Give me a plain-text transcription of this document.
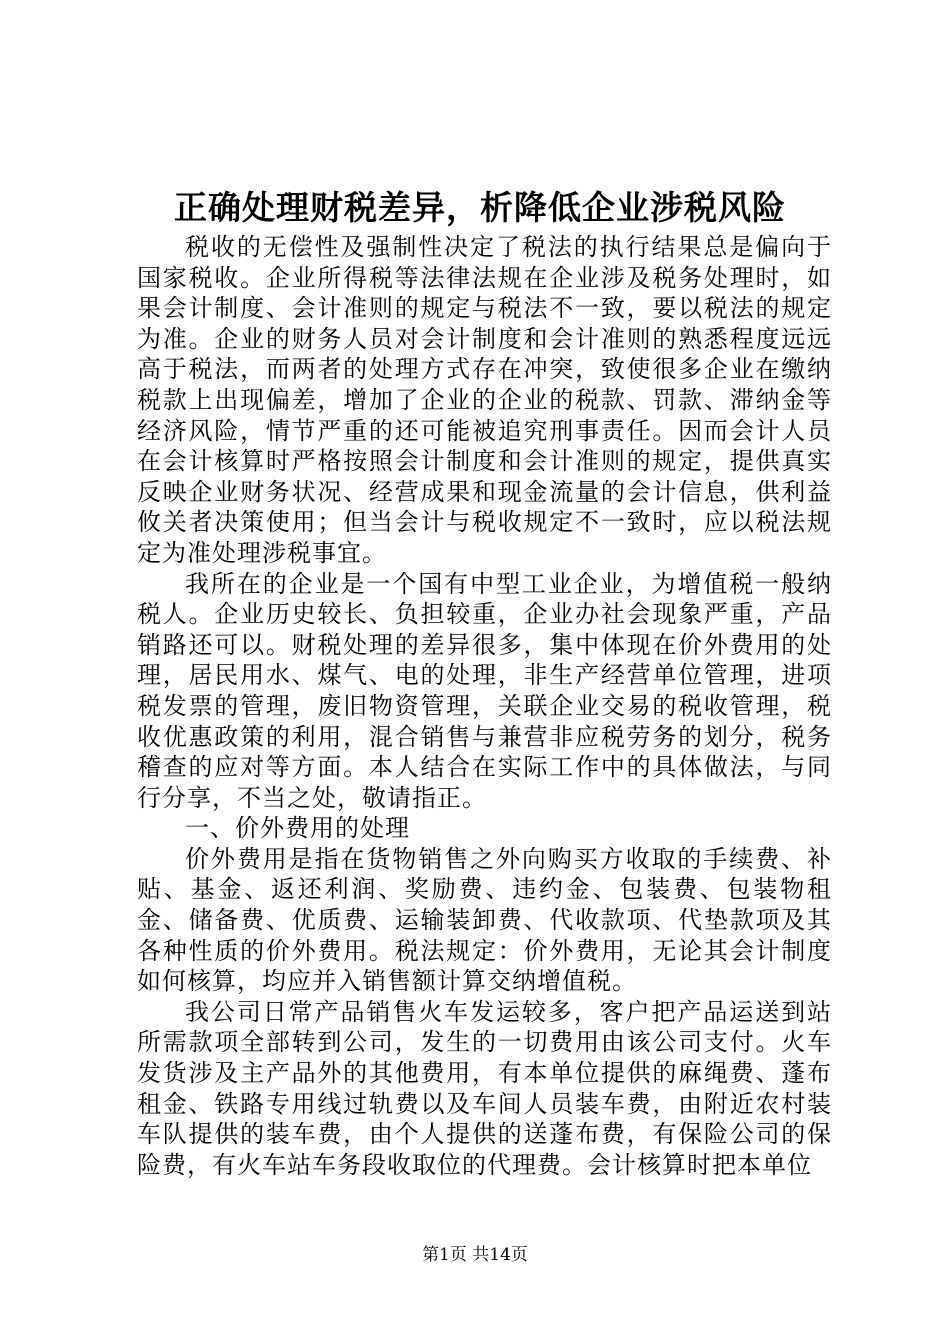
正确处理财税差异，析降低企业涉税风险

税收的无偿性及强制性决定了税法的执行结果总是偏向于国家税收。企业所得税等法律法规在企业涉及税务处理时，如果会计制度、会计准则的规定与税法不一致，要以税法的规定为准。企业的财务人员对会计制度和会计准则的熟悉程度远远高于税法，而两者的处理方式存在冲突，致使很多企业在缴纳税款上出现偏差，增加了企业的企业的税款、罚款、滞纳金等经济风险，情节严重的还可能被追究刑事责任。因而会计人员在会计核算时严格按照会计制度和会计准则的规定，提供真实反映企业财务状况、经营成果和现金流量的会计信息，供利益攸关者决策使用；但当会计与税收规定不一致时，应以税法规定为准处理涉税事宜。

我所在的企业是一个国有中型工业企业，为增值税一般纳税人。企业历史较长、负担较重，企业办社会现象严重，产品销路还可以。财税处理的差异很多，集中体现在价外费用的处理，居民用水、煤气、电的处理，非生产经营单位管理，进项税发票的管理，废旧物资管理，关联企业交易的税收管理，税收优惠政策的利用，混合销售与兼营非应税劳务的划分，税务稽查的应对等方面。本人结合在实际工作中的具体做法，与同行分享，不当之处，敬请指正。

一、价外费用的处理

价外费用是指在货物销售之外向购买方收取的手续费、补贴、基金、返还利润、奖励费、违约金、包装费、包装物租金、储备费、优质费、运输装卸费、代收款项、代垫款项及其各种性质的价外费用。税法规定：价外费用，无论其会计制度如何核算，均应并入销售额计算交纳增值税。

我公司日常产品销售火车发运较多，客户把产品运送到站所需款项全部转到公司，发生的一切费用由该公司支付。火车发货涉及主产品外的其他费用，有本单位提供的麻绳费、蓬布租金、铁路专用线过轨费以及车间人员装车费，由附近农村装车队提供的装车费，由个人提供的送蓬布费，有保险公司的保险费，有火车站车务段收取位的代理费。会计核算时把本单位

第1页 共14页
